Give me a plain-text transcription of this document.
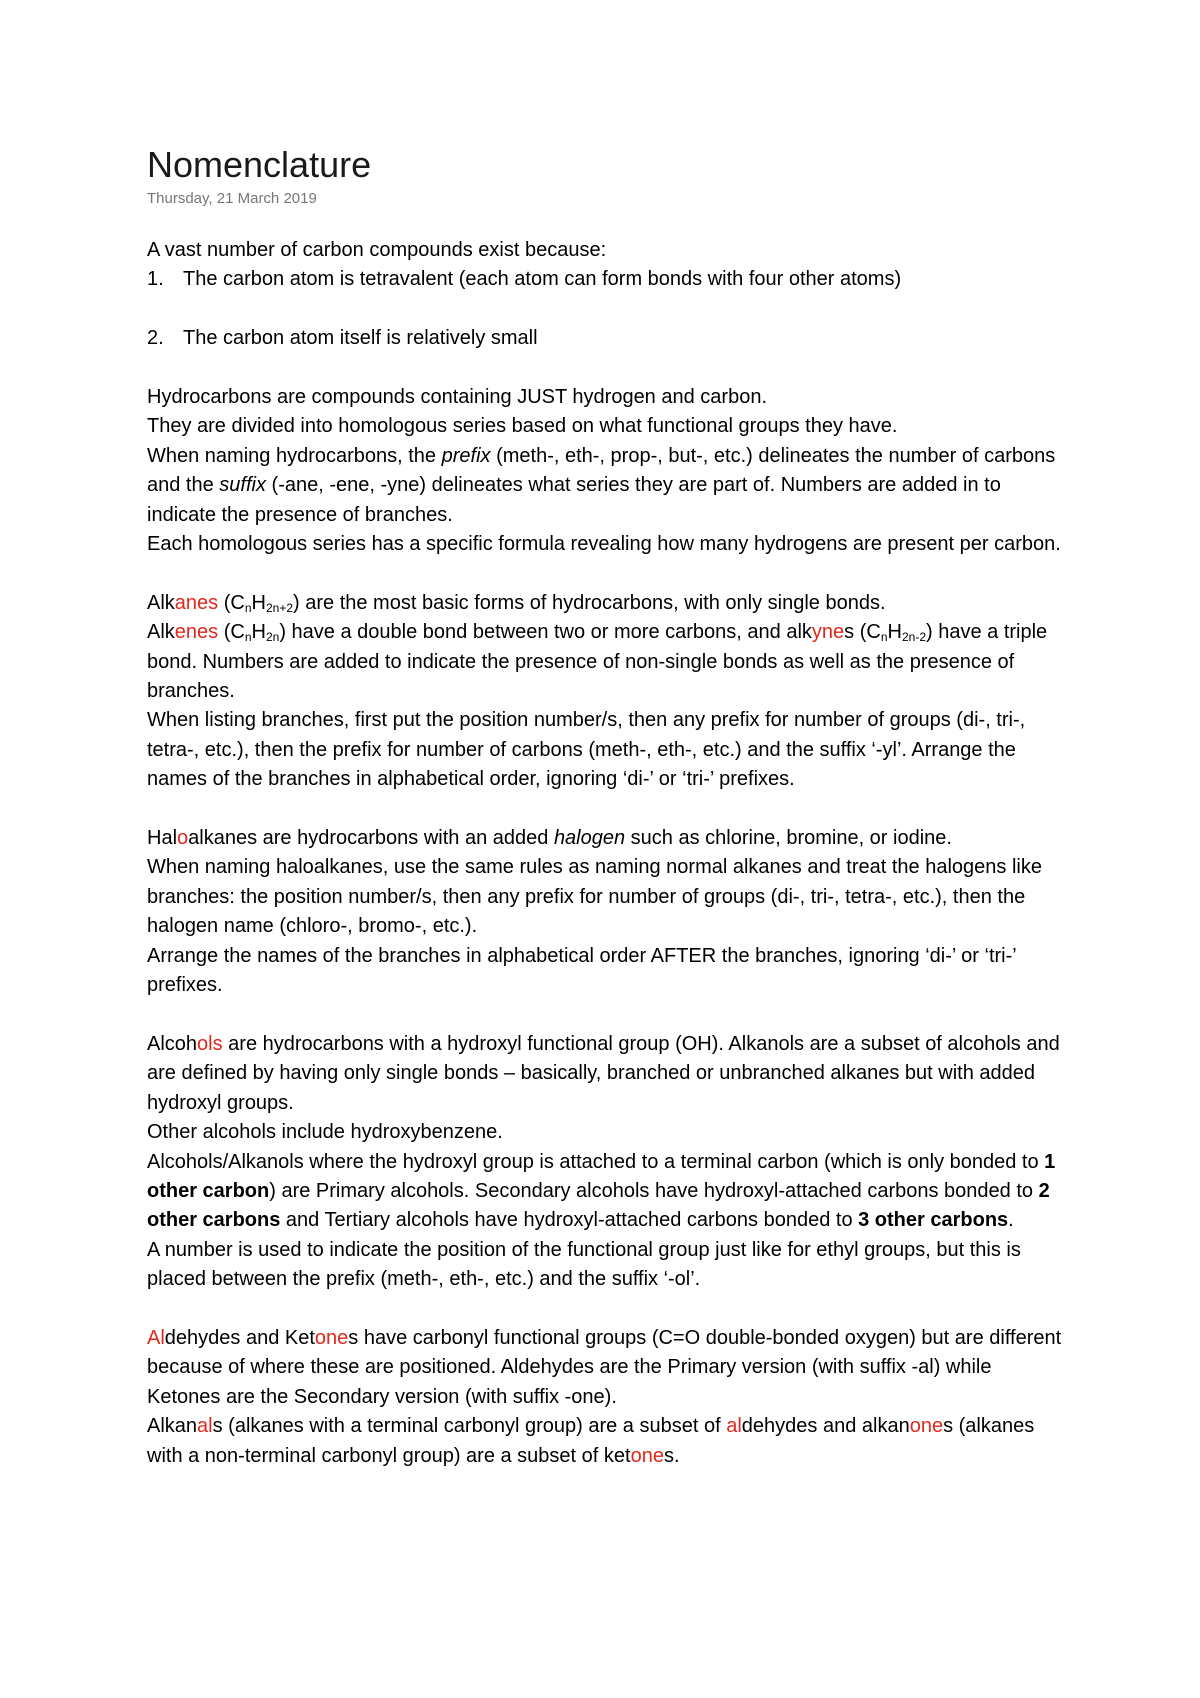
Nomenclature
Thursday, 21 March 2019

A vast number of carbon compounds exist because:

1. The carbon atom is tetravalent (each atom can form bonds with four other atoms)

2. The carbon atom itself is relatively small

Hydrocarbons are compounds containing JUST hydrogen and carbon.

They are divided into homologous series based on what functional groups they have.

When naming hydrocarbons, the prefix (meth-, eth-, prop-, but-, etc.) delineates the number of carbons and the suffix (-ane, -ene, -yne) delineates what series they are part of. Numbers are added in to indicate the presence of branches.

Each homologous series has a specific formula revealing how many hydrogens are present per carbon.

Alkanes $(C_nH_{2n+2})$ are the most basic forms of hydrocarbons, with only single bonds.

Alkenes $(C_nH_{2n})$ have a double bond between two or more carbons, and alkynes $(C_nH_{2n-2})$ have a triple bond. Numbers are added to indicate the presence of non-single bonds as well as the presence of branches.

When listing branches, first put the position number/s, then any prefix for number of groups (di-, tri-, tetra-, etc.), then the prefix for number of carbons (meth-, eth-, etc.) and the suffix ‘-yl’. Arrange the names of the branches in alphabetical order, ignoring ‘di-’ or ‘tri-’ prefixes.

Haloalkanes are hydrocarbons with an added halogen such as chlorine, bromine, or iodine.

When naming haloalkanes, use the same rules as naming normal alkanes and treat the halogens like branches: the position number/s, then any prefix for number of groups (di-, tri-, tetra-, etc.), then the halogen name (chloro-, bromo-, etc.).

Arrange the names of the branches in alphabetical order AFTER the branches, ignoring ‘di-’ or ‘tri-’ prefixes.

Alcohols are hydrocarbons with a hydroxyl functional group (OH). Alkanols are a subset of alcohols and are defined by having only single bonds – basically, branched or unbranched alkanes but with added hydroxyl groups.

Other alcohols include hydroxybenzene.

Alcohols/Alkanols where the hydroxyl group is attached to a terminal carbon (which is only bonded to 1 other carbon) are Primary alcohols. Secondary alcohols have hydroxyl-attached carbons bonded to 2 other carbons and Tertiary alcohols have hydroxyl-attached carbons bonded to 3 other carbons.

A number is used to indicate the position of the functional group just like for ethyl groups, but this is placed between the prefix (meth-, eth-, etc.) and the suffix ‘-ol’.

Aldehydes and Ketones have carbonyl functional groups (C=O double-bonded oxygen) but are different because of where these are positioned. Aldehydes are the Primary version (with suffix -al) while Ketones are the Secondary version (with suffix -one).

Alkanals (alkanes with a terminal carbonyl group) are a subset of aldehydes and alkanones (alkanes with a non-terminal carbonyl group) are a subset of ketones.
